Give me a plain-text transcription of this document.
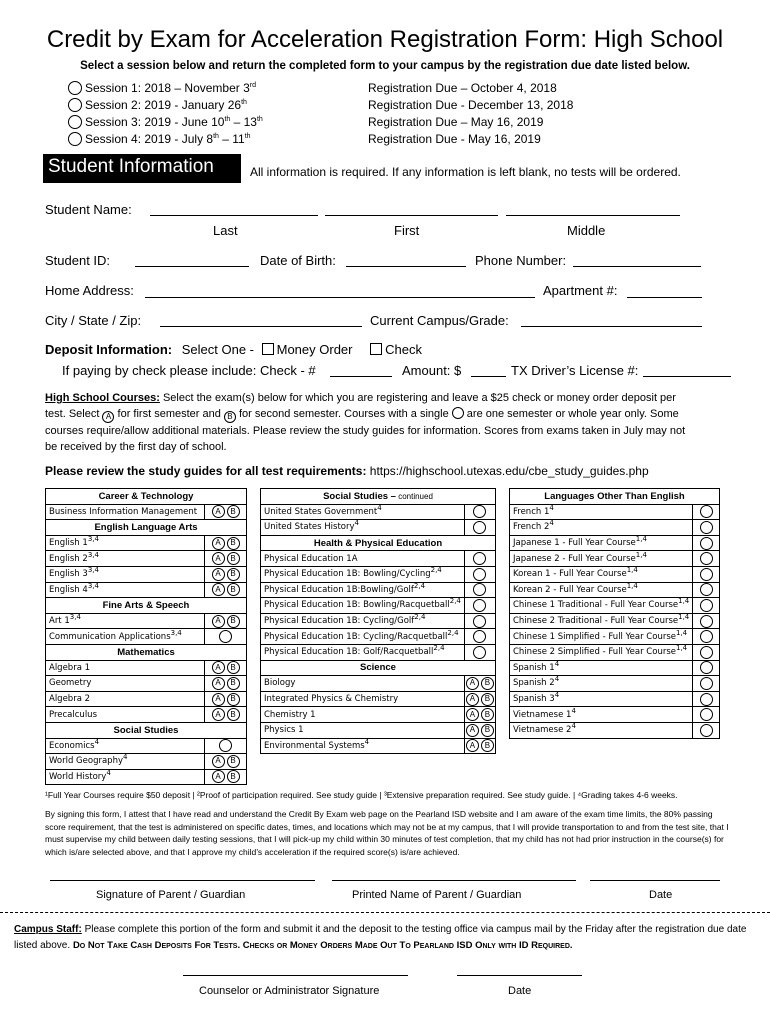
Credit by Exam for Acceleration Registration Form: High School
Select a session below and return the completed form to your campus by the registration due date listed below.
Session 1: 2018 – November 3rd	Registration Due – October 4, 2018
Session 2: 2019 - January 26th	Registration Due - December 13, 2018
Session 3: 2019 - June 10th – 13th	Registration Due – May 16, 2019
Session 4: 2019 - July 8th – 11th	Registration Due - May 16, 2019
Student Information	All information is required. If any information is left blank, no tests will be ordered.
Student Name:
Last	First	Middle
Student ID:	Date of Birth:	Phone Number:
Home Address:	Apartment #:
City / State / Zip:	Current Campus/Grade:
Deposit Information: Select One - Money Order	Check
If paying by check please include: Check - #	Amount: $	TX Driver’s License #:
High School Courses: Select the exam(s) below for which you are registering and leave a $25 check or money order deposit per
test. Select A for first semester and B for second semester. Courses with a single  are one semester or whole year only. Some
courses require/allow additional materials. Please review the study guides for information. Scores from exams taken in July may not
be received by the first day of school.
Please review the study guides for all test requirements: https://highschool.utexas.edu/cbe_study_guides.php
Career & Technology	
Business Information Management	A B

English Language Arts	
English 1$^{3,4}$	A B

English 2$^{3,4}$	A B

English 3$^{3,4}$	A B

English 4$^{3,4}$	A B

Fine Arts & Speech	
Art 1$^{3,4}$	A B

Communication Applications$^{3,4}$	
Mathematics	
Algebra 1	A B

Geometry	A B

Algebra 2	A B

Precalculus	A B

Social Studies	
Economics$^4$	
World Geography$^4$	A B

World History$^4$	A B
Social Studies – continued	
United States Government$^4$	
United States History$^4$	
Health & Physical Education	
Physical Education 1A	
Physical Education 1B: Bowling/Cycling$^{2,4}$	
Physical Education 1B:Bowling/Golf$^{2,4}$	
Physical Education 1B: Bowling/Racquetball$^{2,4}$	
Physical Education 1B: Cycling/Golf$^{2,4}$	
Physical Education 1B: Cycling/Racquetball$^{2,4}$	
Physical Education 1B: Golf/Racquetball$^{2,4}$	
Science	
Biology	A B

Integrated Physics & Chemistry	A B

Chemistry 1	A B

Physics 1	A B

Environmental Systems$^4$	A B
Languages Other Than English	
French $1^4$	
French $2^4$	
Japanese 1 - Full Year Course$^{1,4}$	
Japanese 2 - Full Year Course$^{1,4}$	
Korean 1 - Full Year Course$^{1,4}$	
Korean 2 - Full Year Course$^{1,4}$	
Chinese 1 Traditional - Full Year Course$^{1,4}$	
Chinese 2 Traditional - Full Year Course$^{1,4}$	
Chinese 1 Simplified - Full Year Course$^{1,4}$	
Chinese 2 Simplified - Full Year Course$^{1,4}$	
Spanish $1^4$	
Spanish $2^4$	
Spanish $3^4$	
Vietnamese $1^4$	
Vietnamese $2^4$	
¹Full Year Courses require $50 deposit | ²Proof of participation required. See study guide | ³Extensive preparation required. See study guide. | ⁴Grading takes 4-6 weeks.
By signing this form, I attest that I have read and understand the Credit By Exam web page on the Pearland ISD website and I am aware of the exam time limits, the 80% passing score requirement, that the test is administered on specific dates, times, and locations which may not be at my campus, that I will provide transportation to and from the test site, that I must supervise my child between daily testing sessions, that I will pick-up my child within 30 minutes of test completion, that my child has not had prior instruction in the course(s) for which is/are selected above, and that I approve my child’s acceleration if the required score(s) is/are achieved.
Signature of Parent / Guardian	Printed Name of Parent / Guardian	Date
Campus Staff: Please complete this portion of the form and submit it and the deposit to the testing office via campus mail by the Friday after the registration due date listed above. Do Not Take Cash Deposits For Tests. Checks or Money Orders Made Out To Pearland ISD Only with ID Required.
Counselor or Administrator Signature	Date
